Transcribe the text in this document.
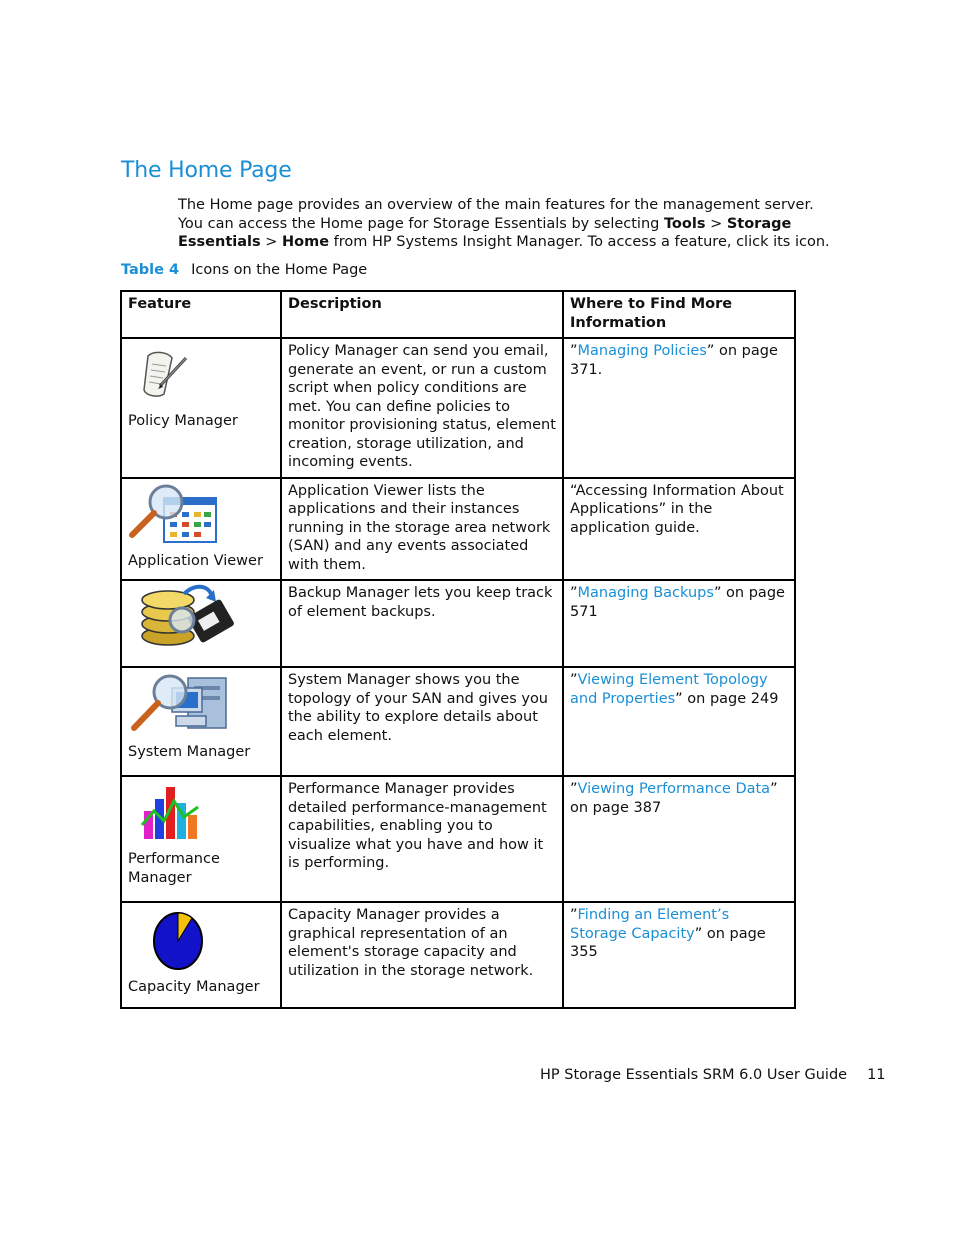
The Home Page

The Home page provides an overview of the main features for the management server. You can access the Home page for Storage Essentials by selecting Tools > Storage Essentials > Home from HP Systems Insight Manager. To access a feature, click its icon.

Table 4 Icons on the Home Page
Feature	Description	Where to Find More Information

Policy Manager	Policy Manager can send you email, generate an event, or run a custom script when policy conditions are met. You can define policies to monitor provisioning status, element creation, storage utilization, and incoming events.	”Managing Policies” on page 371.

Application Viewer	Application Viewer lists the applications and their instances running in the storage area network (SAN) and any events associated with them.	“Accessing Information About Applications” in the application guide.

	Backup Manager lets you keep track of element backups.	”Managing Backups” on page 571

System Manager	System Manager shows you the topology of your SAN and gives you the ability to explore details about each element.	”Viewing Element Topology and Properties” on page 249

Performance Manager	Performance Manager provides detailed performance-management capabilities, enabling you to visualize what you have and how it is performing.	”Viewing Performance Data” on page 387

Capacity Manager	Capacity Manager provides a graphical representation of an element's storage capacity and utilization in the storage network.	”Finding an Element’s Storage Capacity” on page 355
HP Storage Essentials SRM 6.0 User Guide 11
